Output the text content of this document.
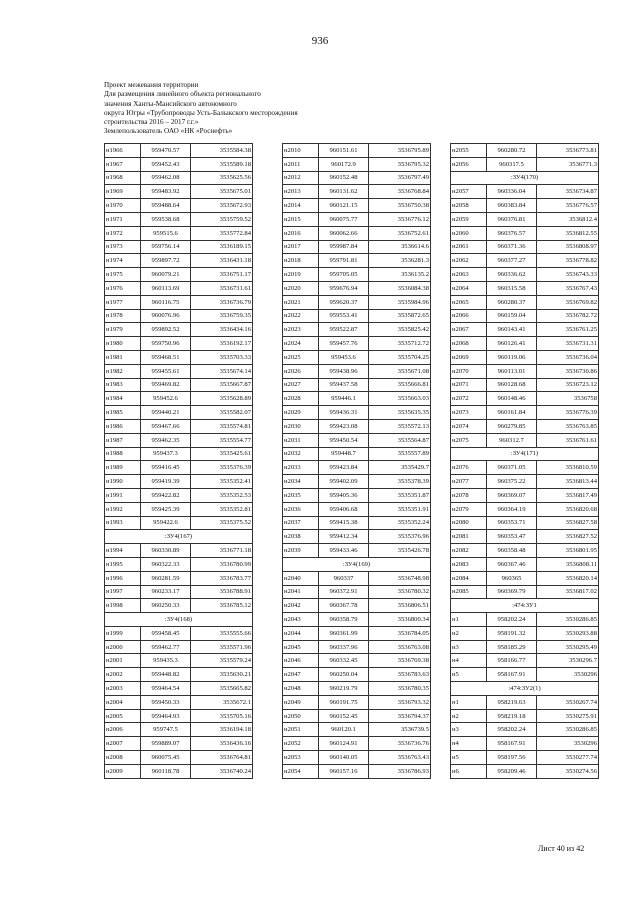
936
Проект межевания территории
Для размещения линейного объекта регионального
значения Ханты-Мансийского автономного
округа Югры «Трубопроводы Усть-Балыкского месторождения
строительства 2016 – 2017 г.г.»
Землепользователь ОАО «НК «Роснефть»
н1966	959470.57	3535584.38
н1967	959452.43	3535589.18
н1968	959462.08	3535625.56
н1969	959483.92	3535675.01
н1970	959488.64	3535672.93
н1971	959538.68	3535759.52
н1972	959515.6	3535772.84
н1973	959756.14	3536189.15
н1974	959897.72	3536431.18
н1975	960079.21	3536751.17
н1976	960113.69	3536731.61
н1977	960116.75	3536736.79
н1978	960076.96	3536759.35
н1979	959892.52	3536434.16
н1980	959750.96	3536192.17
н1981	959468.51	3535703.33
н1982	959455.61	3535674.14
н1983	959469.82	3535667.87
н1984	959452.6	3535628.89
н1985	959440.21	3535582.07
н1986	959467.66	3535574.81
н1987	959462.35	3535554.77
н1988	959437.3	3535425.61
н1989	959416.45	3535376.39
н1990	959419.39	3535352.41
н1991	959422.82	3535352.53
н1992	959425.39	3535352.81
н1993	959422.6	3535375.52
:ЗУ4(167)		
н1994	960330.89	3536771.18
н1995	960322.33	3536780.99
н1996	960281.59	3536783.77
н1997	960233.17	3536788.91
н1998	960250.33	3536785.12
:ЗУ4(168)		
н1999	959458.45	3535555.66
н2000	959462.77	3535571.96
н2001	959435.3	3535579.24
н2002	959448.82	3535630.21
н2003	959464.54	3535665.82
н2004	959450.33	3535672.1
н2005	959464.93	3535705.16
н2006	959747.5	3536194.18
н2007	959889.07	3536436.16
н2008	960075.45	3536764.81
н2009	960118.78	3536740.24
н2010	960151.61	3536795.89
н2011	960172.9	3536795.32
н2012	960152.48	3536797.49
н2013	960131.62	3536768.84
н2014	960121.15	3536750.38
н2015	960075.77	3536776.12
н2016	960062.66	3536752.61
н2017	959987.84	3536614.6
н2018	959791.81	3536281.3
н2019	959705.05	3536135.2
н2020	959676.94	3536084.38
н2021	959620.37	3535984.96
н2022	959553.41	3535872.65
н2023	959522.87	3535825.42
н2024	959457.76	3535712.72
н2025	959453.6	3535704.25
н2026	959438.96	3535671.08
н2027	959437.58	3535666.81
н2028	959446.1	3535663.03
н2029	959436.31	3535635.35
н2030	959423.08	3535572.13
н2031	959450.54	3535564.87
н2032	959448.7	3535557.89
н2033	959423.84	3535429.7
н2034	959402.09	3535378.39
н2035	959405.36	3535351.87
н2036	959406.68	3535351.91
н2037	959415.38	3535352.24
н2038	959412.34	3535376.96
н2039	959433.46	3535426.78
:ЗУ4(169)		
н2040	960337	3536748.98
н2041	960372.91	3536780.32
н2042	960367.78	3536806.51
н2043	960358.79	3536800.34
н2044	960361.99	3536784.05
н2045	960337.96	3536763.08
н2046	960332.45	3536769.38
н2047	960250.04	3536783.63
н2048	960219.79	3536780.35
н2049	960191.75	3536793.32
н2050	960152.45	3536794.37
н2051	960120.1	3536739.5
н2052	960124.91	3536736.76
н2053	960140.05	3536763.43
н2054	960157.16	3536786.93
н2055	960280.72	3536773.81
н2056	960317.5	3536771.3
:ЗУ4(170)		
н2057	960336.04	3536734.87
н2058	960383.84	3536776.57
н2059	960376.81	3536812.4
н2060	960376.57	3536812.55
н2061	960371.36	3536808.97
н2062	960377.27	3536778.82
н2063	960336.62	3536743.33
н2064	960315.58	3536767.43
н2065	960280.37	3536769.82
н2066	960159.04	3536782.72
н2067	960143.41	3536761.25
н2068	960126.41	3536731.31
н2069	960119.06	3536736.04
н2070	960113.01	3536730.86
н2071	960128.68	3536723.12
н2072	960148.46	3536758
н2073	960161.84	3536776.39
н2074	960279.85	3536763.85
н2075	960312.7	3536761.61
:ЗУ4(171)		
н2076	960371.05	3536810.59
н2077	960375.22	3536813.44
н2078	960369.07	3536817.49
н2079	960364.19	3536820.68
н2080	960353.71	3536827.58
н2081	960353.47	3536827.52
н2082	960358.48	3536801.95
н2083	960367.46	3536808.11
н2084	960365	3536820.14
н2085	960369.79	3536817.02
:474:ЗУ1		
н1	958202.24	3530286.85
н2	958191.32	3530293.88
н3	958185.29	3530295.49
н4	958166.77	3530296.7
н5	958167.91	3530296
:474:ЗУ2(1)		
н1	958219.63	3530267.74
н2	958219.18	3530275.91
н3	958202.24	3530286.85
н4	958167.91	3530296
н5	958197.56	3530277.74
н6	958209.46	3530274.56
Лист 40 из 42
